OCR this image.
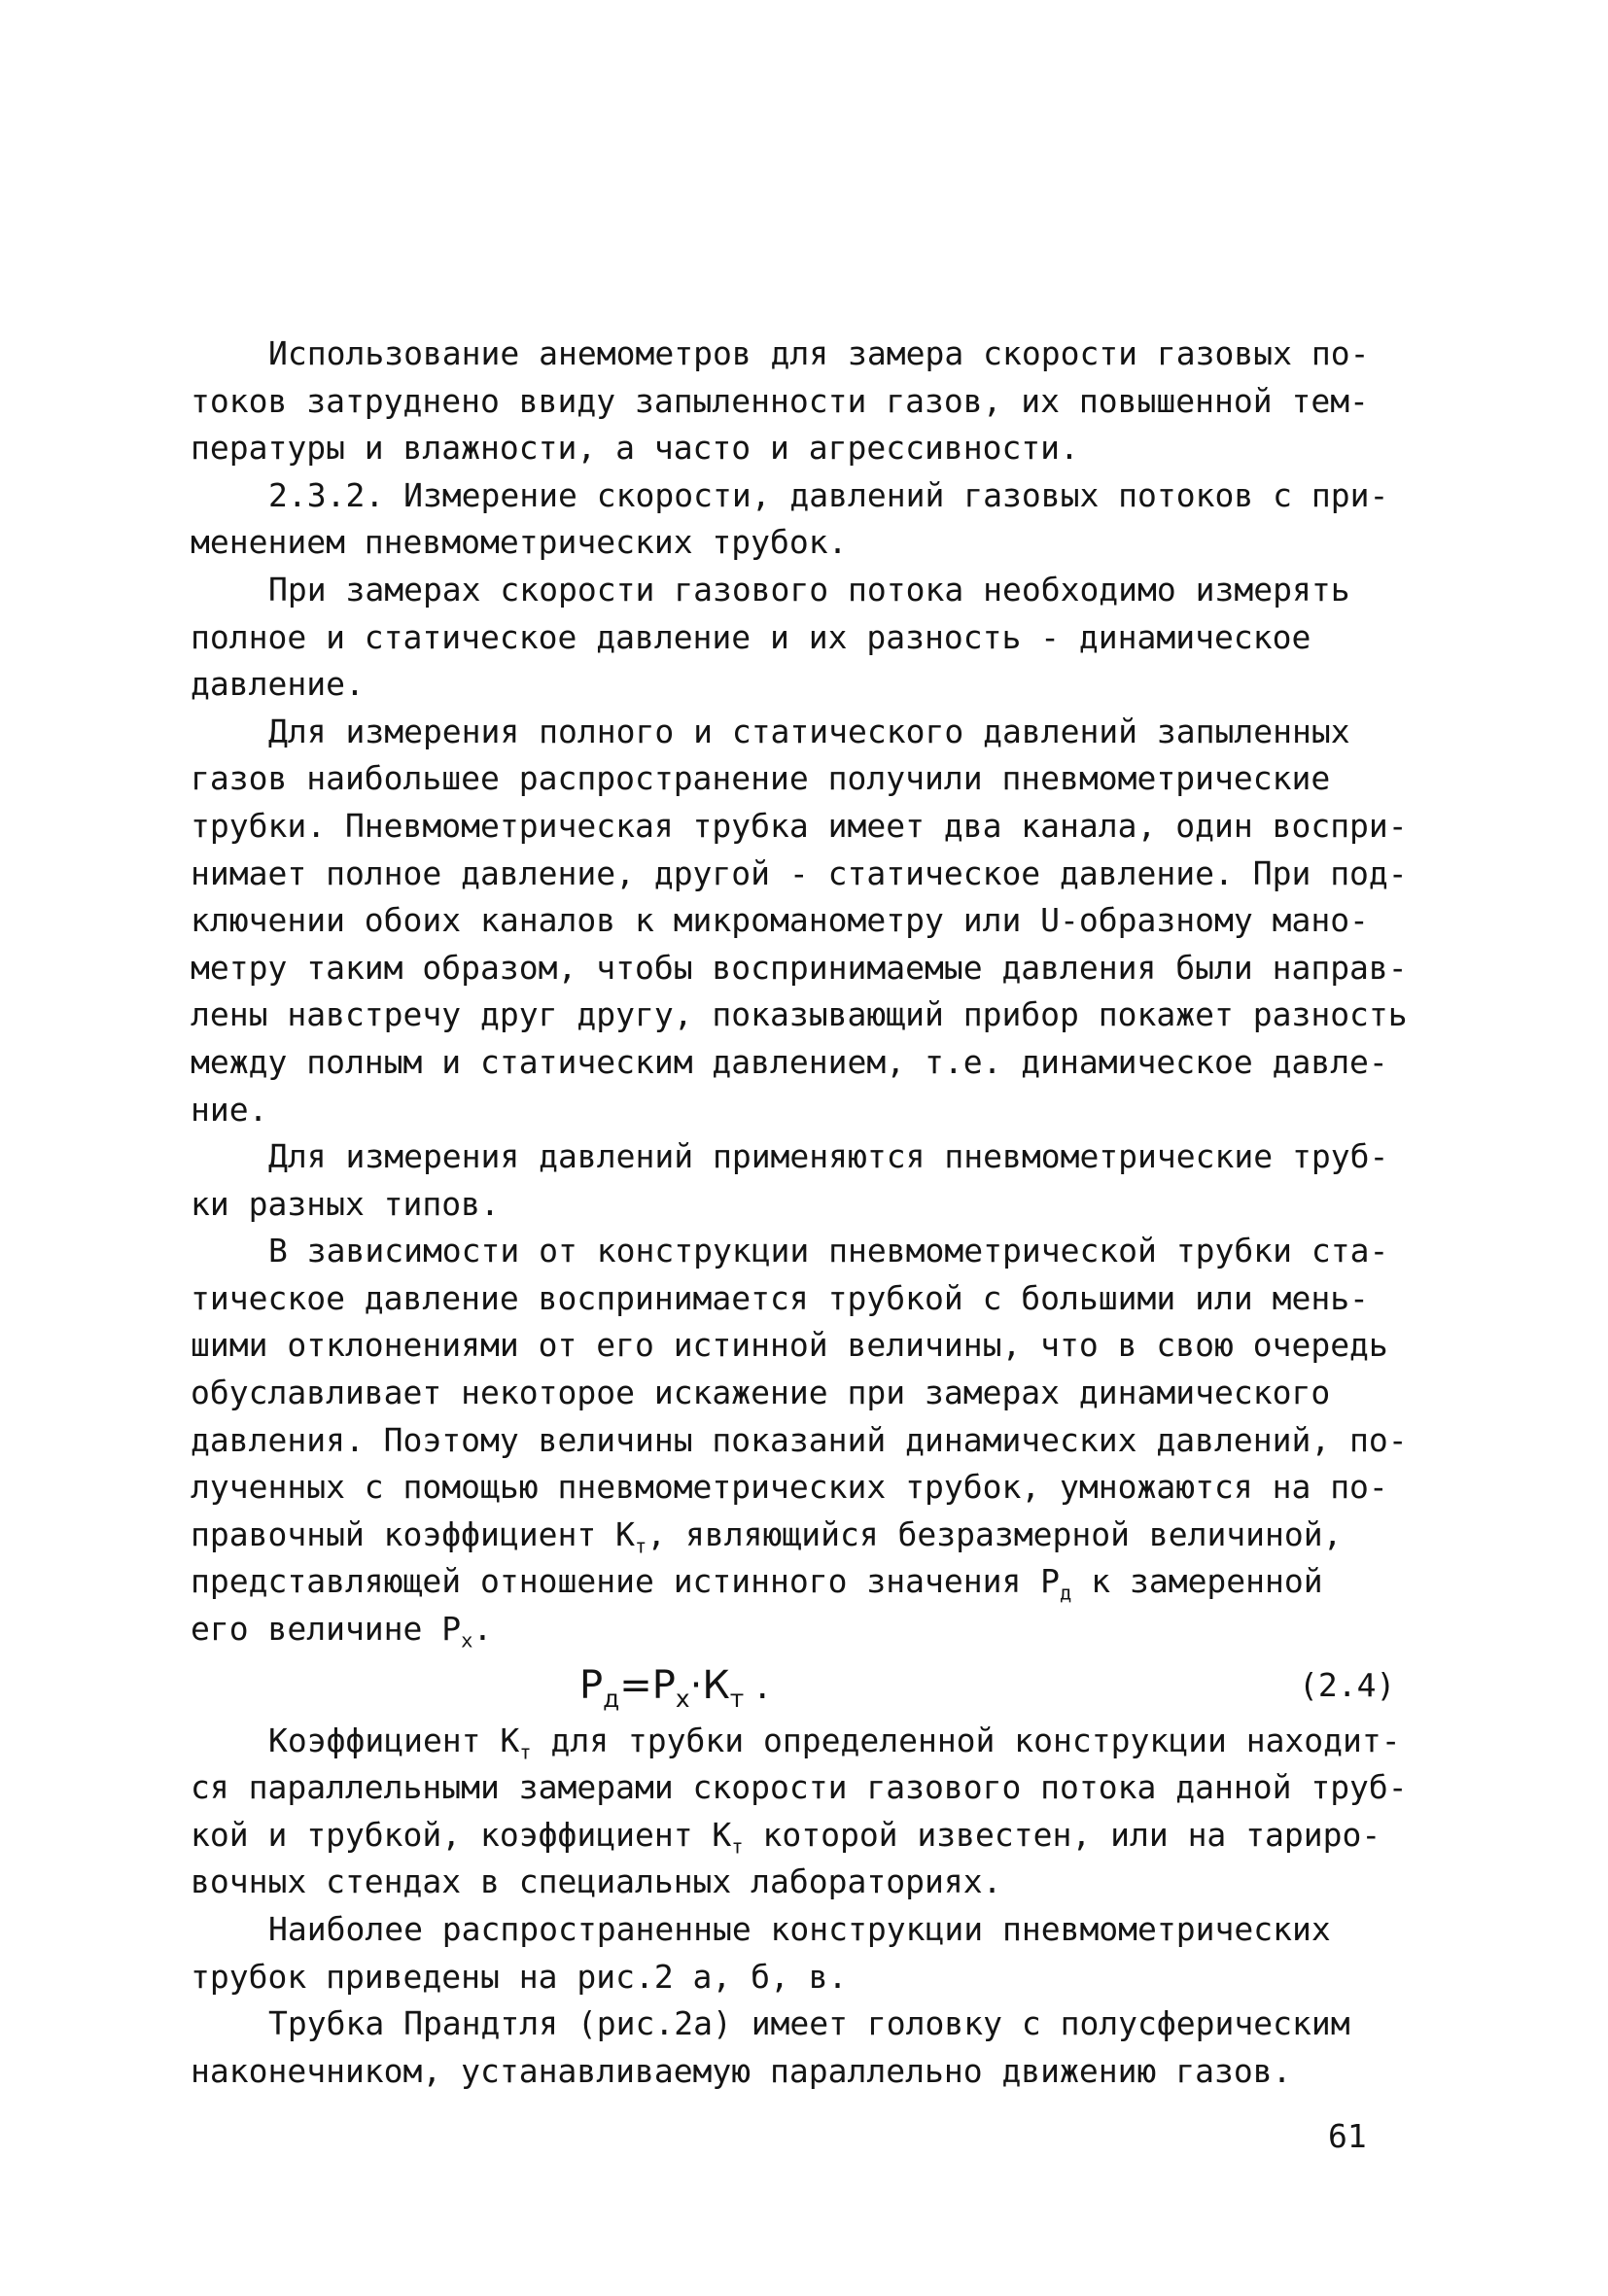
Использование анемометров для замера скорости газовых по-
токов затруднено ввиду запыленности газов, их повышенной тем-
пературы и влажности, а часто и агрессивности.
2.3.2. Измерение скорости, давлений газовых потоков с при-
менением пневмометрических трубок.
При замерах скорости газового потока необходимо измерять
полное и статическое давление и их разность - динамическое
давление.
Для измерения полного и статического давлений запыленных
газов наибольшее распространение получили пневмометрические
трубки. Пневмометрическая трубка имеет два канала, один воспри-
нимает полное давление, другой - статическое давление. При под-
ключении обоих каналов к микроманометру или U-образному мано-
метру таким образом, чтобы воспринимаемые давления были направ-
лены навстречу друг другу, показывающий прибор покажет разность
между полным и статическим давлением, т.е. динамическое давле-
ние.
Для измерения давлений применяются пневмометрические труб-
ки разных типов.
В зависимости от конструкции пневмометрической трубки ста-
тическое давление воспринимается трубкой с большими или мень-
шими отклонениями от его истинной величины, что в свою очередь
обуславливает некоторое искажение при замерах динамического
давления. Поэтому величины показаний динамических давлений, по-
лученных с помощью пневмометрических трубок, умножаются на по-
правочный коэффициент $К_т$, являющийся безразмерной величиной,
представляющей отношение истинного значения $Р_д$ к замеренной
его величине $Р_х$.
$Р_д=Р_х\cdot К_т$ .	(2.4)
Коэффициент $К_т$ для трубки определенной конструкции находит-
ся параллельными замерами скорости газового потока данной труб-
кой и трубкой, коэффициент $К_т$ которой известен, или на тариро-
вочных стендах в специальных лабораториях.
Наиболее распространенные конструкции пневмометрических
трубок приведены на рис.2 а, б, в.
Трубка Прандтля (рис.2а) имеет головку с полусферическим
наконечником, устанавливаемую параллельно движению газов.
61
